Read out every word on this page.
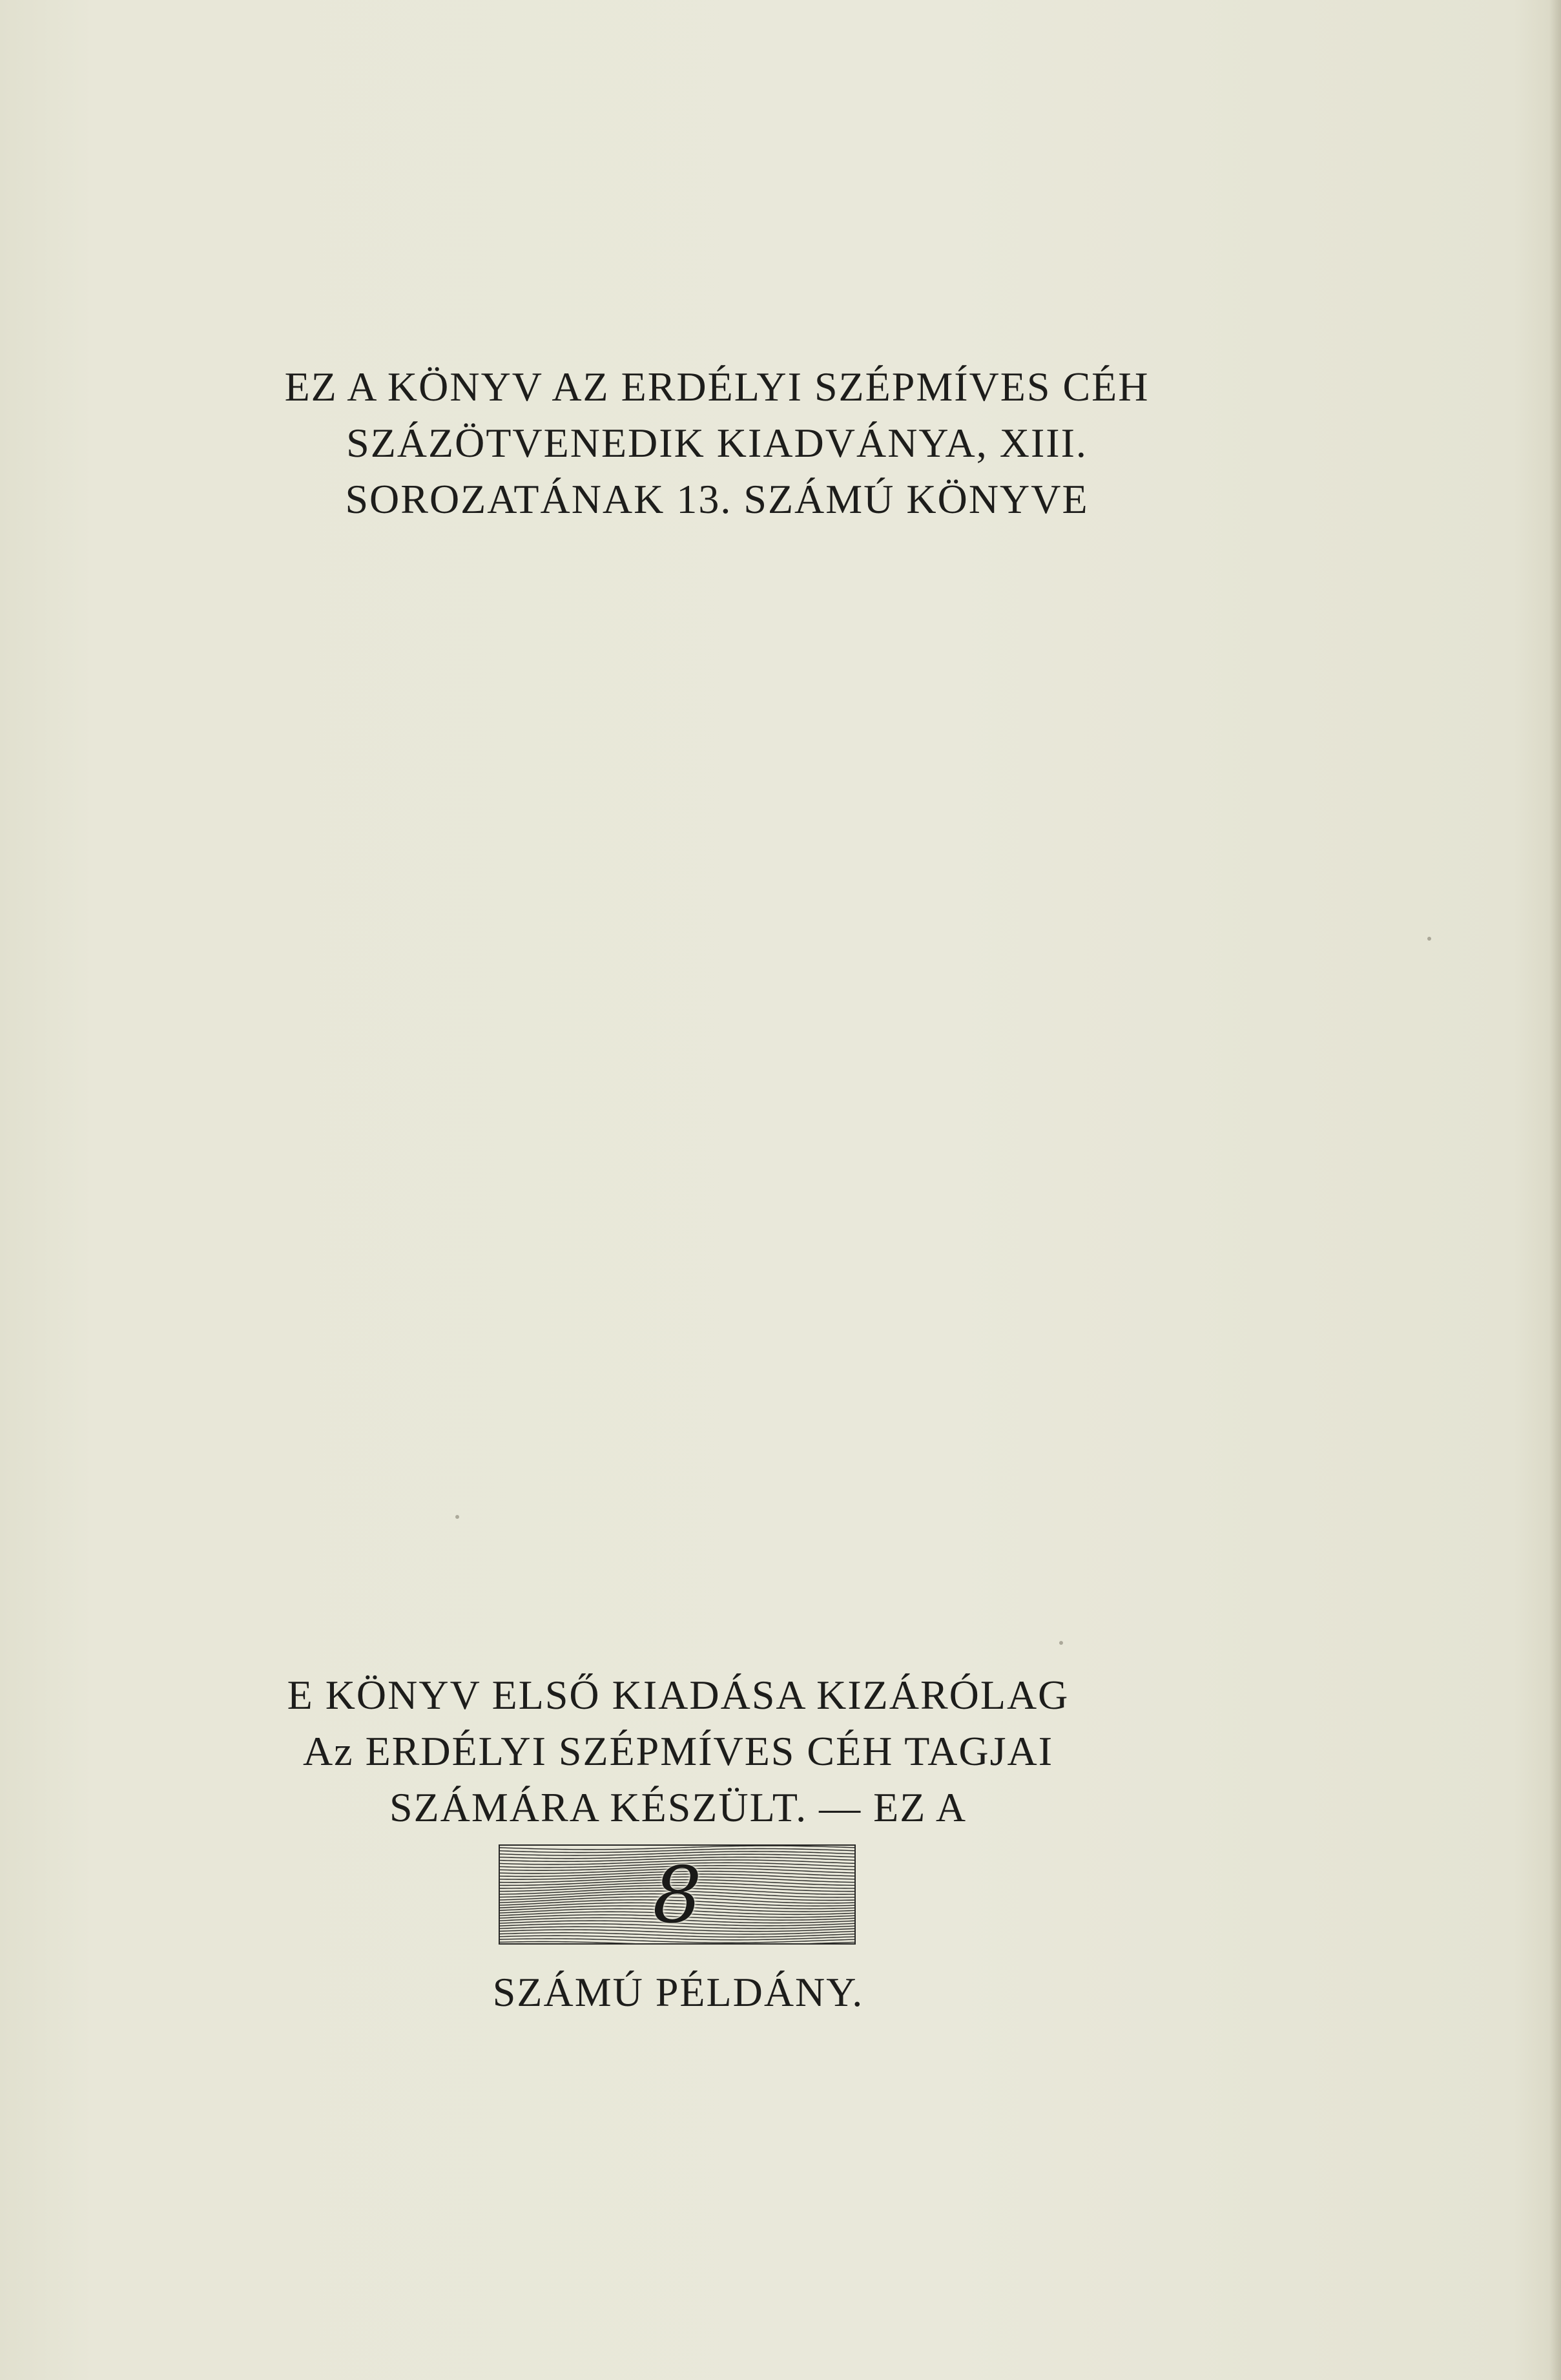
EZ A KÖNYV AZ ERDÉLYI SZÉPMÍVES CÉH
SZÁZÖTVENEDIK KIADVÁNYA, XIII.
SOROZATÁNAK 13. SZÁMÚ KÖNYVE
E KÖNYV ELSŐ KIADÁSA KIZÁRÓLAG
Az ERDÉLYI SZÉPMÍVES CÉH TAGJAI
SZÁMÁRA KÉSZÜLT. — EZ A
8
SZÁMÚ PÉLDÁNY.
